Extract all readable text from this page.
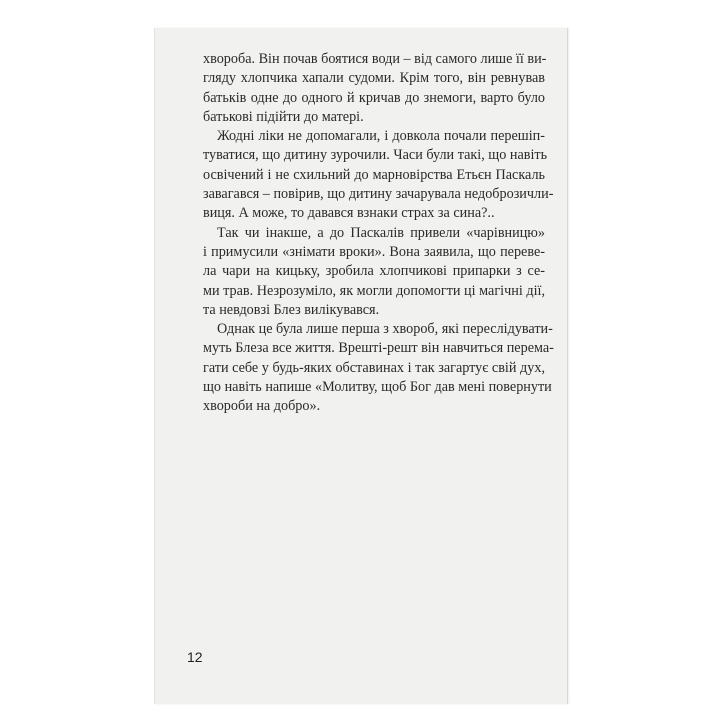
хвороба. Він почав боятися води – від самого лише її ви-
гляду хлопчика хапали судоми. Крім того, він ревнував
батьків одне до одного й кричав до знемоги, варто було
батькові підійти до матері.
Жодні ліки не допомагали, і довкола почали перешіп-
туватися, що дитину зурочили. Часи були такі, що навіть
освічений і не схильний до марновірства Етьєн Паскаль
завагався – повірив, що дитину зачарувала недоброзичли-
виця. А може, то давався взнаки страх за сина?..
Так чи інакше, а до Паскалів привели «чарівницю»
і примусили «знімати вроки». Вона заявила, що переве-
ла чари на кицьку, зробила хлопчикові припарки з се-
ми трав. Незрозуміло, як могли допомогти ці магічні дії,
та невдовзі Блез вилікувався.
Однак це була лише перша з хвороб, які переслідувати-
муть Блеза все життя. Врешті-решт він навчиться перема-
гати себе у будь-яких обставинах і так загартує свій дух,
що навіть напише «Молитву, щоб Бог дав мені повернути
хвороби на добро».
12
